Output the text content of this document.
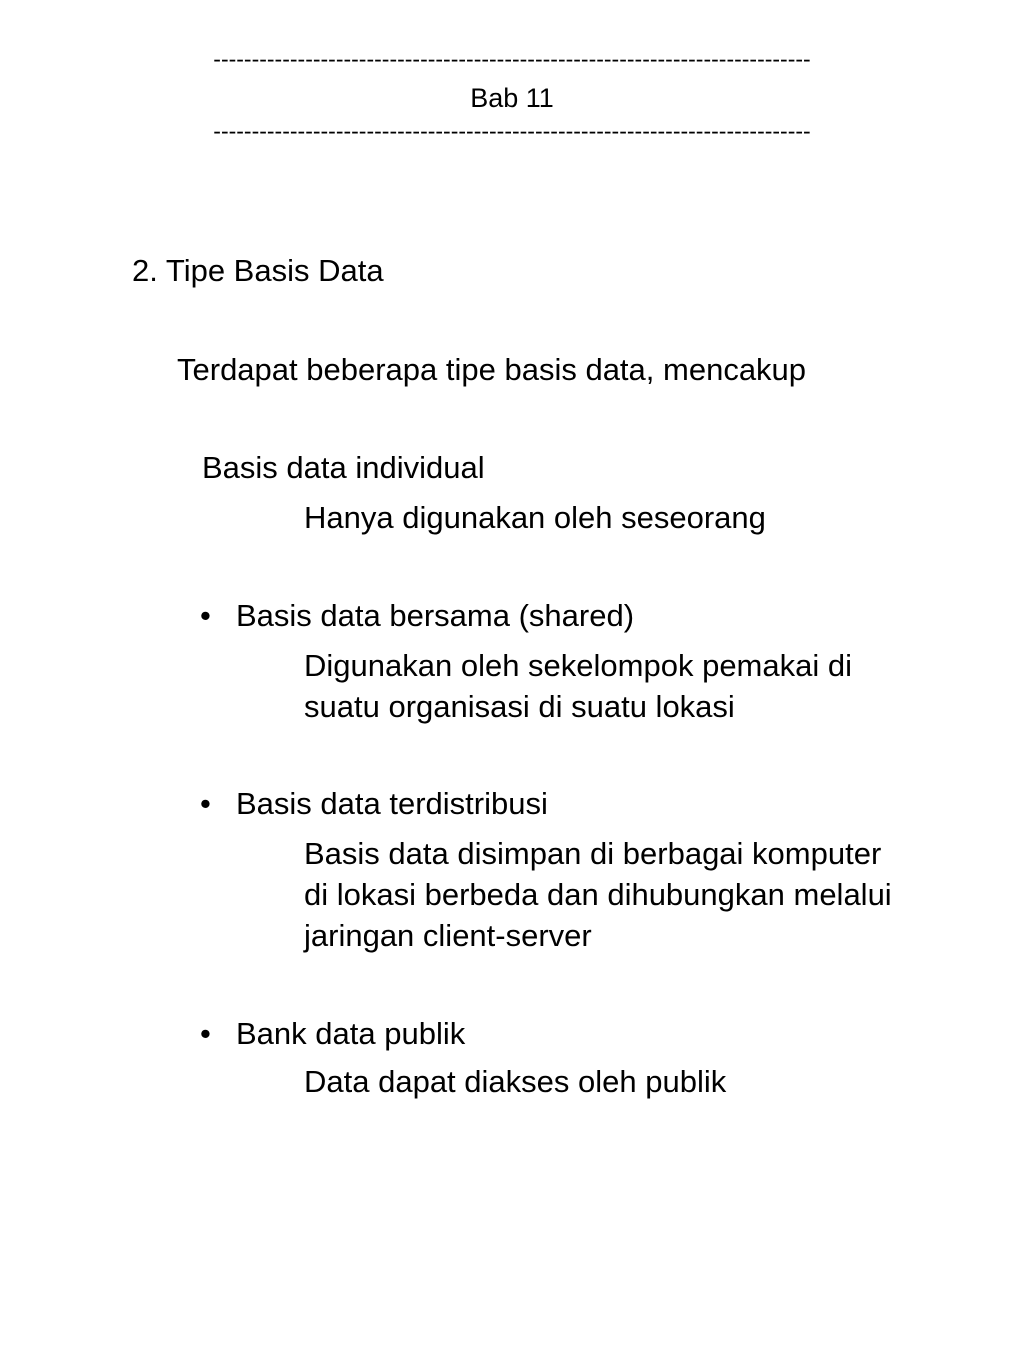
------------------------------------------------------------------------------
Bab 11
------------------------------------------------------------------------------
2. Tipe Basis Data
Terdapat beberapa tipe basis data, mencakup
Basis data individual
Hanya digunakan oleh seseorang
• Basis data bersama (shared)
Digunakan oleh sekelompok pemakai di
suatu organisasi di suatu lokasi
• Basis data terdistribusi
Basis data disimpan di berbagai komputer
di lokasi berbeda dan dihubungkan melalui
jaringan client-server
• Bank data publik
Data dapat diakses oleh publik
